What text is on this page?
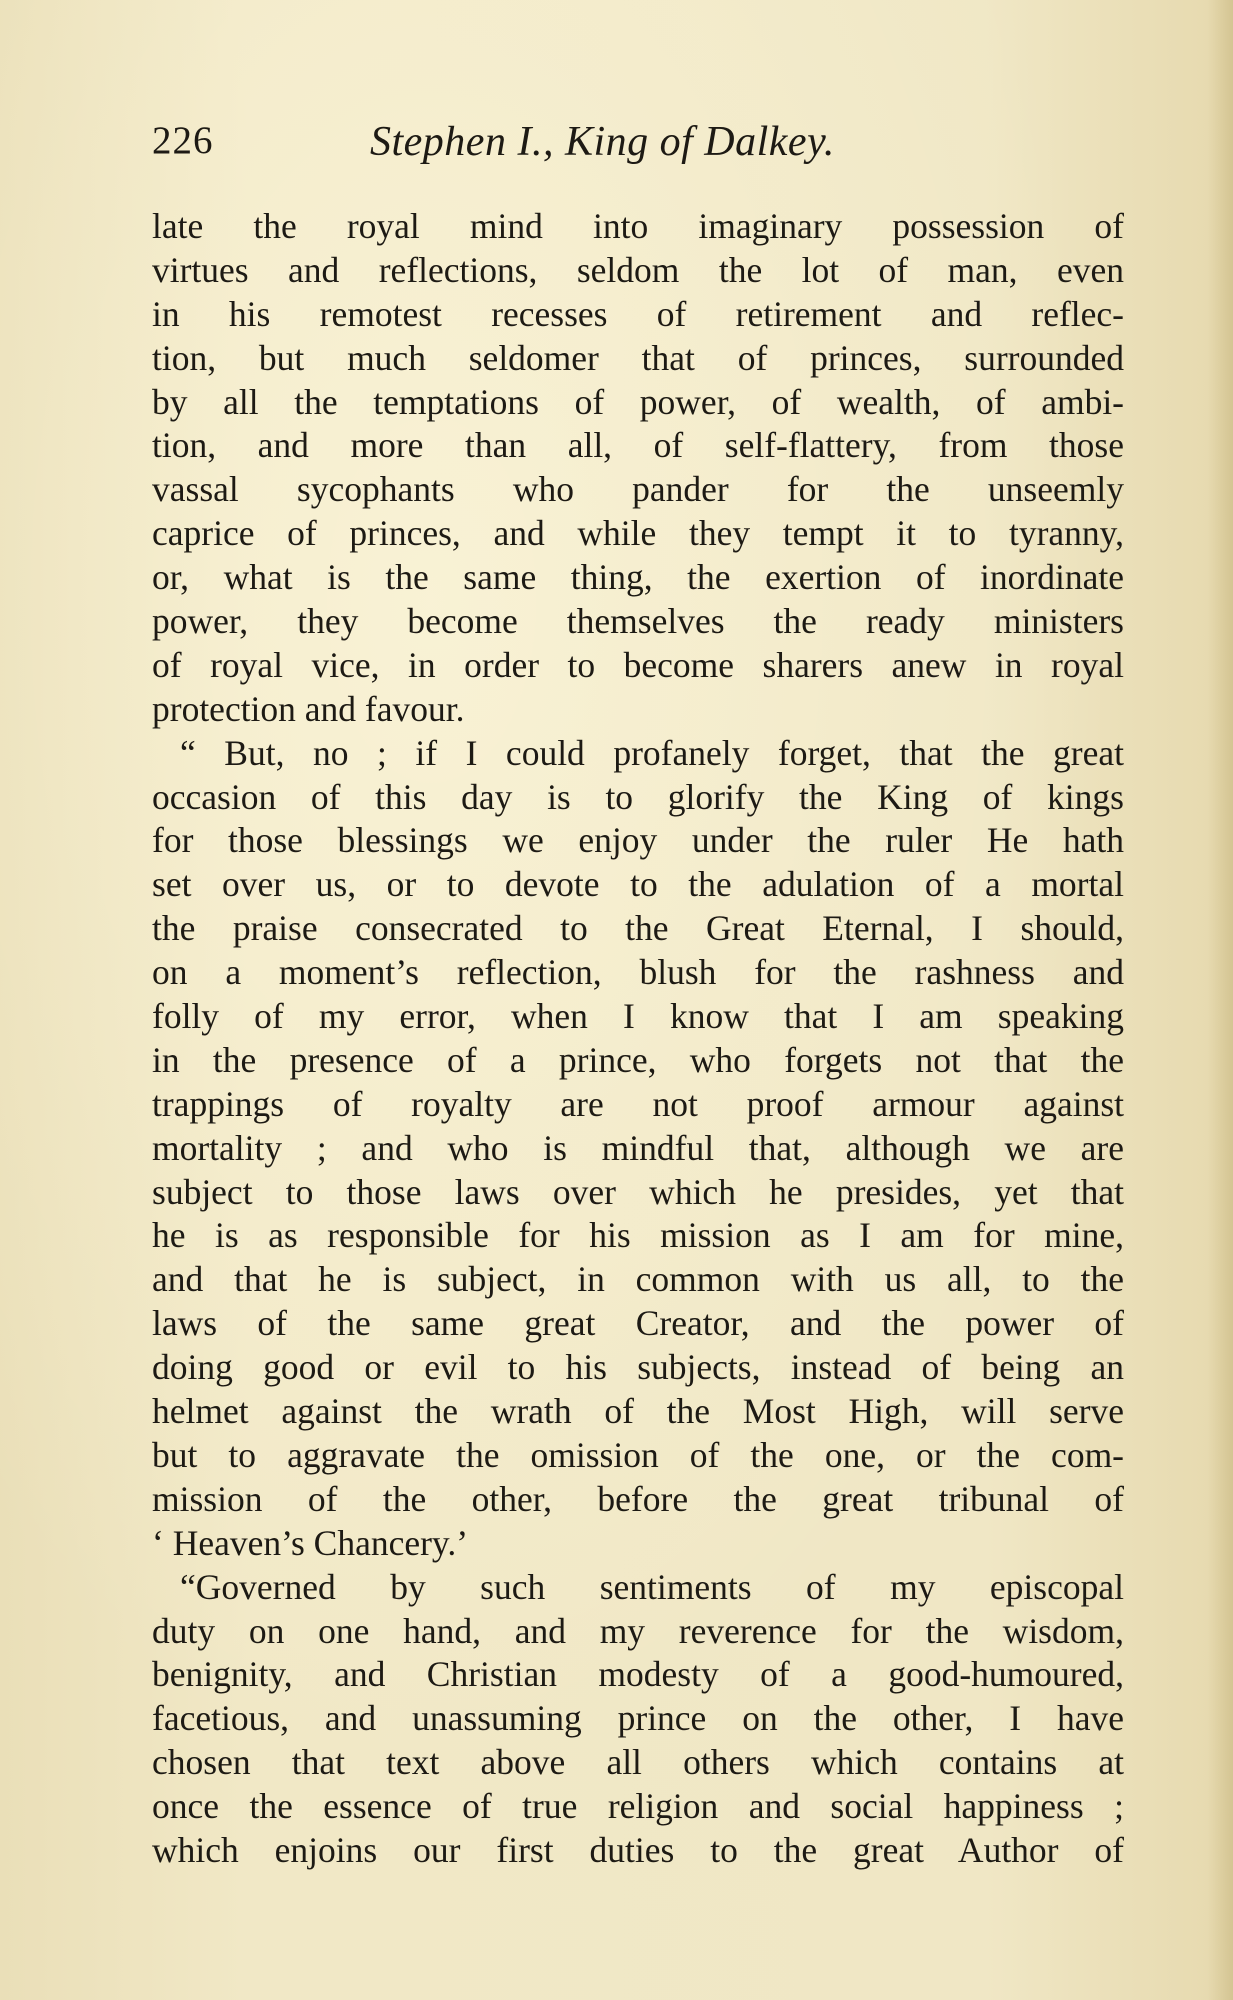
226	Stephen I., King of Dalkey.
late the royal mind into imaginary possession of
virtues and reflections, seldom the lot of man, even
in his remotest recesses of retirement and reflec-
tion, but much seldomer that of princes, surrounded
by all the temptations of power, of wealth, of ambi-
tion, and more than all, of self-flattery, from those
vassal sycophants who pander for the unseemly
caprice of princes, and while they tempt it to tyranny,
or, what is the same thing, the exertion of inordinate
power, they become themselves the ready ministers
of royal vice, in order to become sharers anew in royal
protection and favour.
“ But, no ; if I could profanely forget, that the great
occasion of this day is to glorify the King of kings
for those blessings we enjoy under the ruler He hath
set over us, or to devote to the adulation of a mortal
the praise consecrated to the Great Eternal, I should,
on a moment’s reflection, blush for the rashness and
folly of my error, when I know that I am speaking
in the presence of a prince, who forgets not that the
trappings of royalty are not proof armour against
mortality ; and who is mindful that, although we are
subject to those laws over which he presides, yet that
he is as responsible for his mission as I am for mine,
and that he is subject, in common with us all, to the
laws of the same great Creator, and the power of
doing good or evil to his subjects, instead of being an
helmet against the wrath of the Most High, will serve
but to aggravate the omission of the one, or the com-
mission of the other, before the great tribunal of
‘ Heaven’s Chancery.’
“Governed by such sentiments of my episcopal
duty on one hand, and my reverence for the wisdom,
benignity, and Christian modesty of a good-humoured,
facetious, and unassuming prince on the other, I have
chosen that text above all others which contains at
once the essence of true religion and social happiness ;
which enjoins our first duties to the great Author of
